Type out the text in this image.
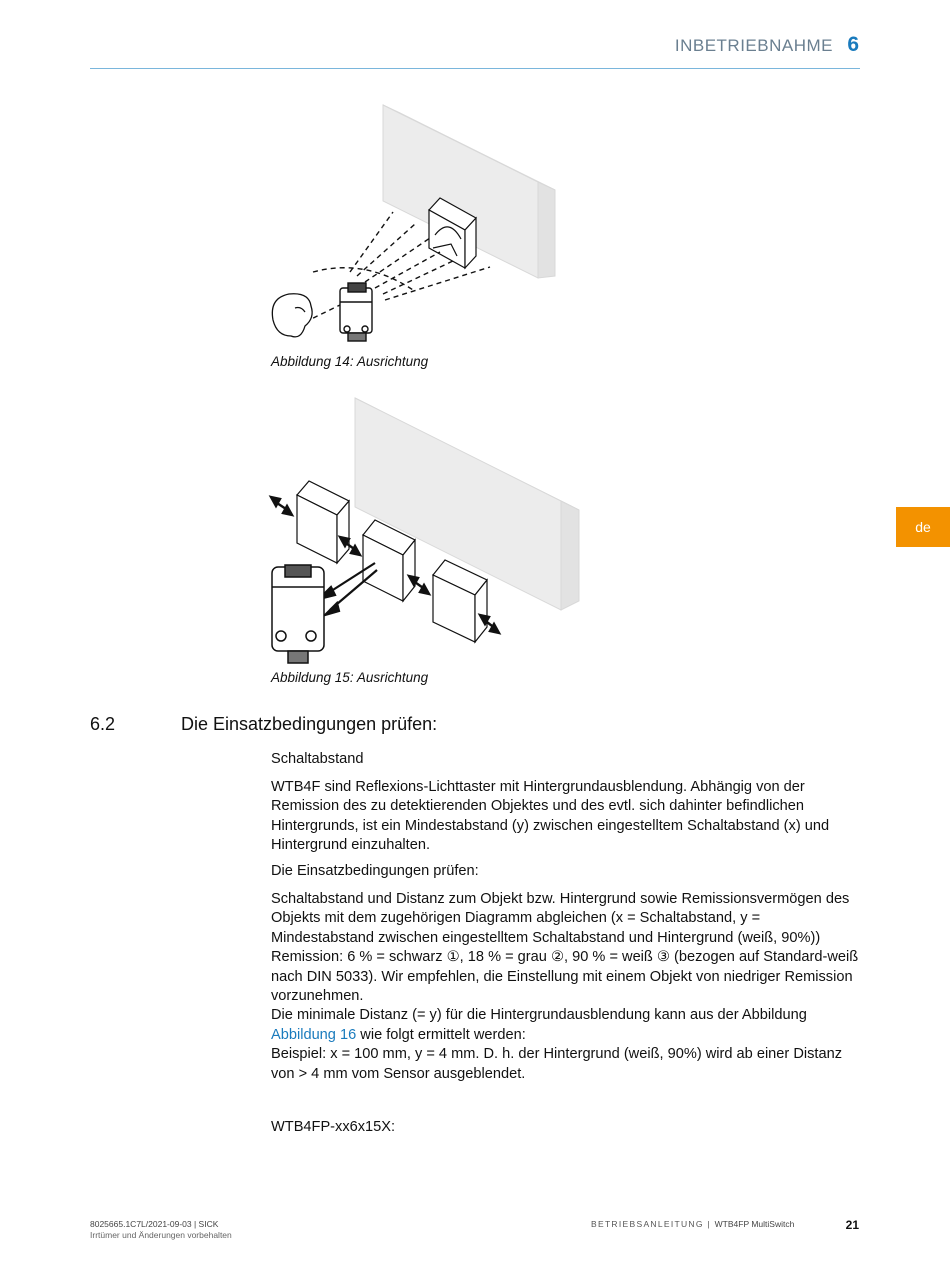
INBETRIEBNAHME 6
de
Abbildung 14: Ausrichtung
Abbildung 15: Ausrichtung
6.2	Die Einsatzbedingungen prüfen:
Schaltabstand

WTB4F sind Reflexions-Lichttaster mit Hintergrundausblendung. Abhängig von der Remission des zu detektierenden Objektes und des evtl. sich dahinter befindlichen Hintergrunds, ist ein Mindestabstand (y) zwischen eingestelltem Schaltabstand (x) und Hintergrund einzuhalten.

Die Einsatzbedingungen prüfen:

Schaltabstand und Distanz zum Objekt bzw. Hintergrund sowie Remissionsvermögen des Objekts mit dem zugehörigen Diagramm abgleichen (x = Schaltabstand, y = Mindestabstand zwischen eingestelltem Schaltabstand und Hintergrund (weiß, 90%)) Remission: 6 % = schwarz ①, 18 % = grau ②, 90 % = weiß ③ (bezogen auf Standard-weiß nach DIN 5033). Wir empfehlen, die Einstellung mit einem Objekt von niedriger Remission vorzunehmen.

Die minimale Distanz (= y) für die Hintergrundausblendung kann aus der Abbildung Abbildung 16 wie folgt ermittelt werden:

Beispiel: x = 100 mm, y = 4 mm. D. h. der Hintergrund (weiß, 90%) wird ab einer Distanz von > 4 mm vom Sensor ausgeblendet.

WTB4FP-xx6x15X:

8025665.1C7L/2021-09-03 | SICK
Irrtümer und Änderungen vorbehalten
BETRIEBSANLEITUNG | WTB4FP MultiSwitch	21
